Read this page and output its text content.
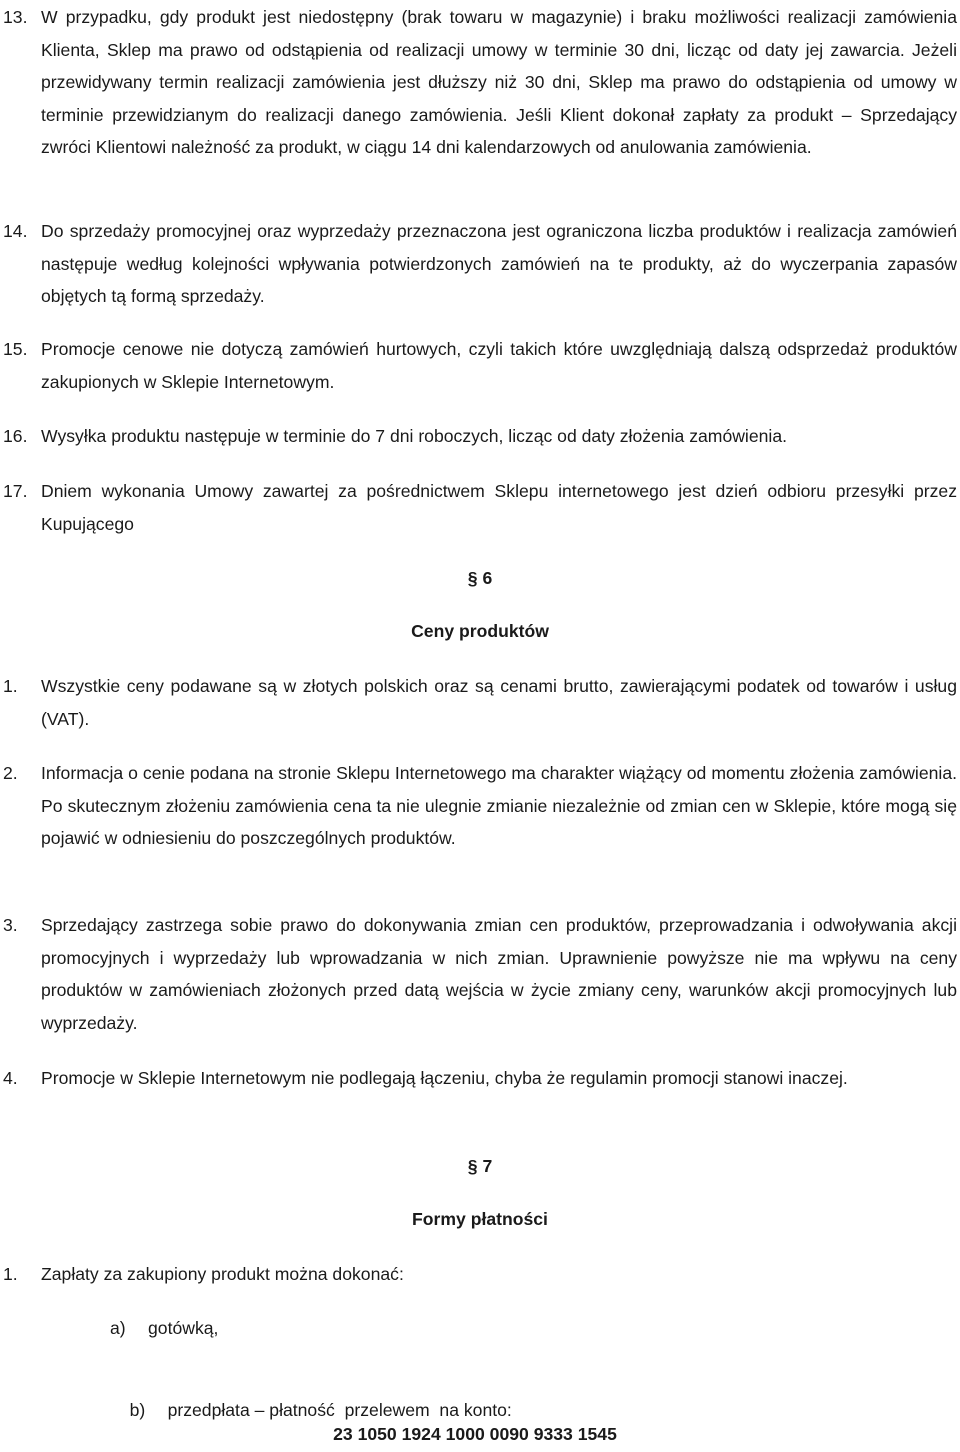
13. W przypadku, gdy produkt jest niedostępny (brak towaru w magazynie) i braku możliwości realizacji zamówienia Klienta, Sklep ma prawo od odstąpienia od realizacji umowy w terminie 30 dni, licząc od daty jej zawarcia. Jeżeli przewidywany termin realizacji zamówienia jest dłuższy niż 30 dni, Sklep ma prawo do odstąpienia od umowy w terminie przewidzianym do realizacji danego zamówienia. Jeśli Klient dokonał zapłaty za produkt – Sprzedający zwróci Klientowi należność za produkt, w ciągu 14 dni kalendarzowych od anulowania zamówienia.
14. Do sprzedaży promocyjnej oraz wyprzedaży przeznaczona jest ograniczona liczba produktów i realizacja zamówień następuje według kolejności wpływania potwierdzonych zamówień na te produkty, aż do wyczerpania zapasów objętych tą formą sprzedaży.
15. Promocje cenowe nie dotyczą zamówień hurtowych, czyli takich które uwzględniają dalszą odsprzedaż produktów zakupionych w Sklepie Internetowym.
16. Wysyłka produktu następuje w terminie do 7 dni roboczych, licząc od daty złożenia zamówienia.
17. Dniem wykonania Umowy zawartej za pośrednictwem Sklepu internetowego jest dzień odbioru przesyłki przez Kupującego
§ 6
Ceny produktów
1. Wszystkie ceny podawane są w złotych polskich oraz są cenami brutto, zawierającymi podatek od towarów i usług (VAT).
2. Informacja o cenie podana na stronie Sklepu Internetowego ma charakter wiążący od momentu złożenia zamówienia. Po skutecznym złożeniu zamówienia cena ta nie ulegnie zmianie niezależnie od zmian cen w Sklepie, które mogą się pojawić w odniesieniu do poszczególnych produktów.
3. Sprzedający zastrzega sobie prawo do dokonywania zmian cen produktów, przeprowadzania i odwoływania akcji promocyjnych i wyprzedaży lub wprowadzania w nich zmian. Uprawnienie powyższe nie ma wpływu na ceny produktów w zamówieniach złożonych przed datą wejścia w życie zmiany ceny, warunków akcji promocyjnych lub wyprzedaży.
4. Promocje w Sklepie Internetowym nie podlegają łączeniu, chyba że regulamin promocji stanowi inaczej.
§ 7
Formy płatności
1. Zapłaty za zakupiony produkt można dokonać:
a) gotówką,

b) przedpłata – płatność  przelewem  na konto:

23 1050 1924 1000 0090 9333 1545
